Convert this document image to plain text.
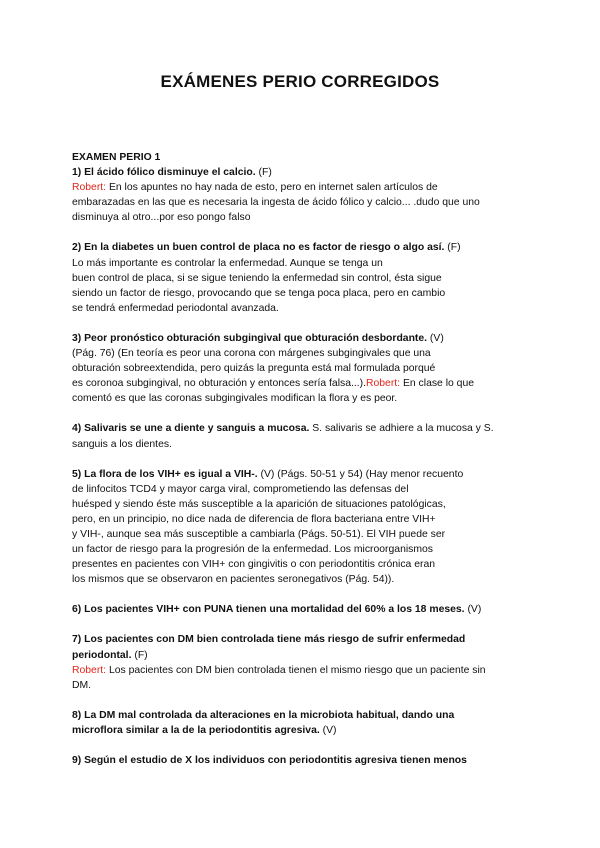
EXÁMENES PERIO CORREGIDOS

EXAMEN PERIO 1

1) El ácido fólico disminuye el calcio. (F)
Robert: En los apuntes no hay nada de esto, pero en internet salen artículos de
embarazadas en las que es necesaria la ingesta de ácido fólico y calcio... .dudo que uno
disminuya al otro...por eso pongo falso

2) En la diabetes un buen control de placa no es factor de riesgo o algo así. (F)
Lo más importante es controlar la enfermedad. Aunque se tenga un
buen control de placa, si se sigue teniendo la enfermedad sin control, ésta sigue
siendo un factor de riesgo, provocando que se tenga poca placa, pero en cambio
se tendrá enfermedad periodontal avanzada.

3) Peor pronóstico obturación subgingival que obturación desbordante. (V)
(Pág. 76) (En teoría es peor una corona con márgenes subgingivales que una
obturación sobreextendida, pero quizás la pregunta está mal formulada porqué
es coronoa subgingival, no obturación y entonces sería falsa...).Robert: En clase lo que
comentó es que las coronas subgingivales modifican la flora y es peor.

4) Salivaris se une a diente y sanguis a mucosa. S. salivaris se adhiere a la mucosa y S.
sanguis a los dientes.

5) La flora de los VIH+ es igual a VIH-. (V) (Págs. 50-51 y 54) (Hay menor recuento
de linfocitos TCD4 y mayor carga viral, comprometiendo las defensas del
huésped y siendo éste más susceptible a la aparición de situaciones patológicas,
pero, en un principio, no dice nada de diferencia de flora bacteriana entre VIH+
y VIH-, aunque sea más susceptible a cambiarla (Págs. 50-51). El VIH puede ser
un factor de riesgo para la progresión de la enfermedad. Los microorganismos
presentes en pacientes con VIH+ con gingivitis o con periodontitis crónica eran
los mismos que se observaron en pacientes seronegativos (Pág. 54)).

6) Los pacientes VIH+ con PUNA tienen una mortalidad del 60% a los 18 meses. (V)

7) Los pacientes con DM bien controlada tiene más riesgo de sufrir enfermedad
periodontal. (F)
Robert: Los pacientes con DM bien controlada tienen el mismo riesgo que un paciente sin
DM.

8) La DM mal controlada da alteraciones en la microbiota habitual, dando una
microflora similar a la de la periodontitis agresiva. (V)

9) Según el estudio de X los individuos con periodontitis agresiva tienen menos
